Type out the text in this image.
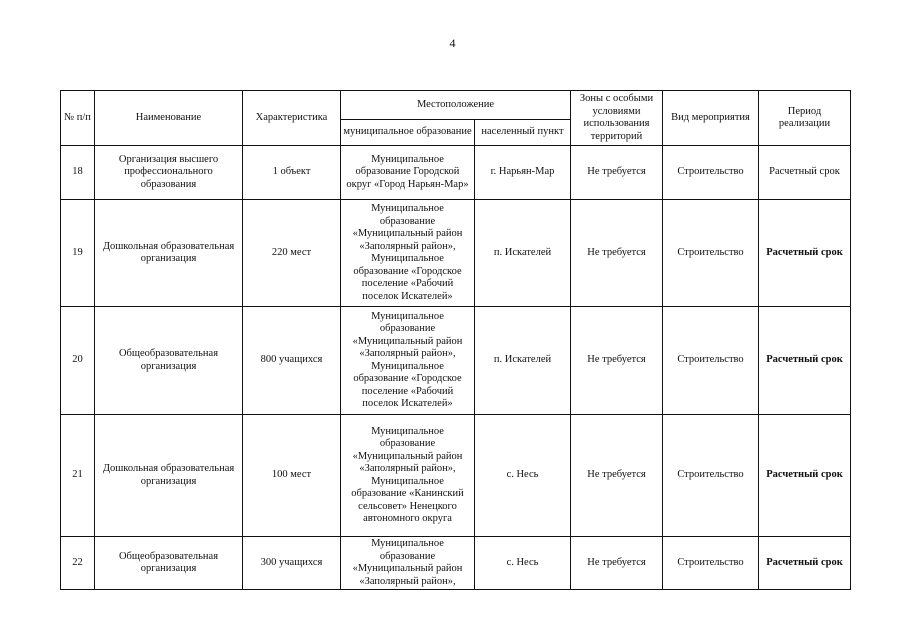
4
№ п/п	Наименование	Характеристика	Местоположение		Зоны с особыми условиями использования территорий	Вид мероприятия	Период реализации
			муниципальное образование	населенный пункт			
18	Организация высшего профессионального образования	1 объект	Муниципальное образование Городской округ «Город Нарьян-Мар»	г. Нарьян-Мар	Не требуется	Строительство	Расчетный срок
19	Дошкольная образовательная организация	220 мест	Муниципальное образование «Муниципальный район «Заполярный район», Муниципальное образование «Городское поселение «Рабочий поселок Искателей»	п. Искателей	Не требуется	Строительство	Расчетный срок
20	Общеобразовательная организация	800 учащихся	Муниципальное образование «Муниципальный район «Заполярный район», Муниципальное образование «Городское поселение «Рабочий поселок Искателей»	п. Искателей	Не требуется	Строительство	Расчетный срок
21	Дошкольная образовательная организация	100 мест	Муниципальное образование «Муниципальный район «Заполярный район», Муниципальное образование «Канинский сельсовет» Ненецкого автономного округа	с. Несь	Не требуется	Строительство	Расчетный срок
22	Общеобразовательная организация	300 учащихся	Муниципальное образование «Муниципальный район «Заполярный район»,	с. Несь	Не требуется	Строительство	Расчетный срок
